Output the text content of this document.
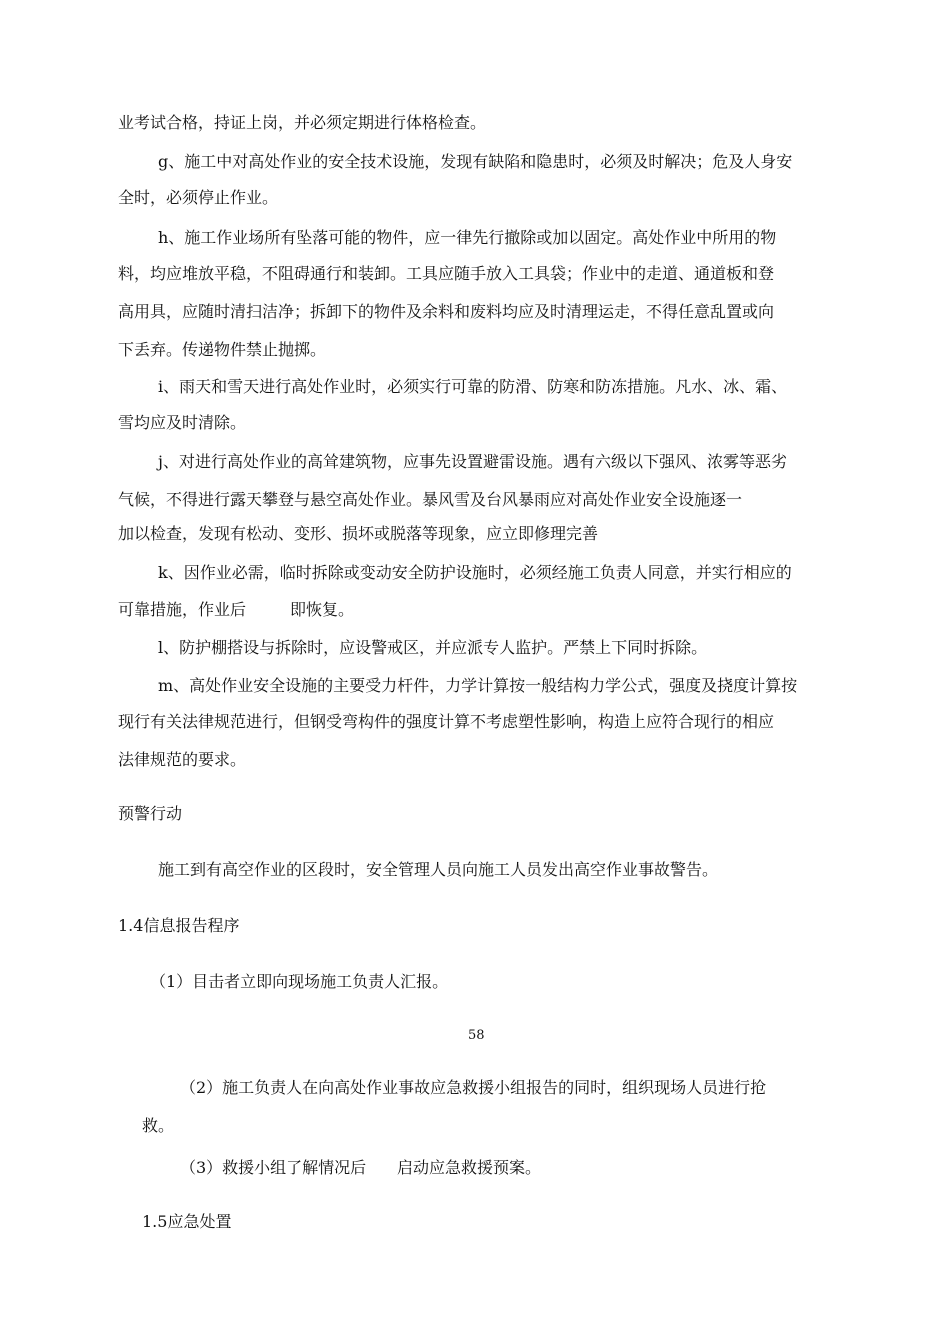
业考试合格，持证上岗，并必须定期进行体格检查。
g、施工中对高处作业的安全技术设施，发现有缺陷和隐患时，必须及时解决；危及人身安
全时，必须停止作业。
h、施工作业场所有坠落可能的物件，应一律先行撤除或加以固定。高处作业中所用的物
料，均应堆放平稳，不阻碍通行和装卸。工具应随手放入工具袋；作业中的走道、通道板和登
高用具，应随时清扫洁净；拆卸下的物件及余料和废料均应及时清理运走，不得任意乱置或向
下丢弃。传递物件禁止抛掷。
i、雨天和雪天进行高处作业时，必须实行可靠的防滑、防寒和防冻措施。凡水、冰、霜、
雪均应及时清除。
j、对进行高处作业的高耸建筑物，应事先设置避雷设施。遇有六级以下强风、浓雾等恶劣
气候，不得进行露天攀登与悬空高处作业。暴风雪及台风暴雨应对高处作业安全设施逐一
加以检查，发现有松动、变形、损坏或脱落等现象，应立即修理完善
k、因作业必需，临时拆除或变动安全防护设施时，必须经施工负责人同意，并实行相应的
可靠措施，作业后	即恢复。
l、防护棚搭设与拆除时，应设警戒区，并应派专人监护。严禁上下同时拆除。
m、高处作业安全设施的主要受力杆件，力学计算按一般结构力学公式，强度及挠度计算按
现行有关法律规范进行，但钢受弯构件的强度计算不考虑塑性影响，构造上应符合现行的相应
法律规范的要求。
预警行动
施工到有高空作业的区段时，安全管理人员向施工人员发出高空作业事故警告。
1.4信息报告程序
（1）目击者立即向现场施工负责人汇报。
58
（2）施工负责人在向高处作业事故应急救援小组报告的同时，组织现场人员进行抢
救。
（3）救援小组了解情况后 启动应急救援预案。
1.5应急处置
